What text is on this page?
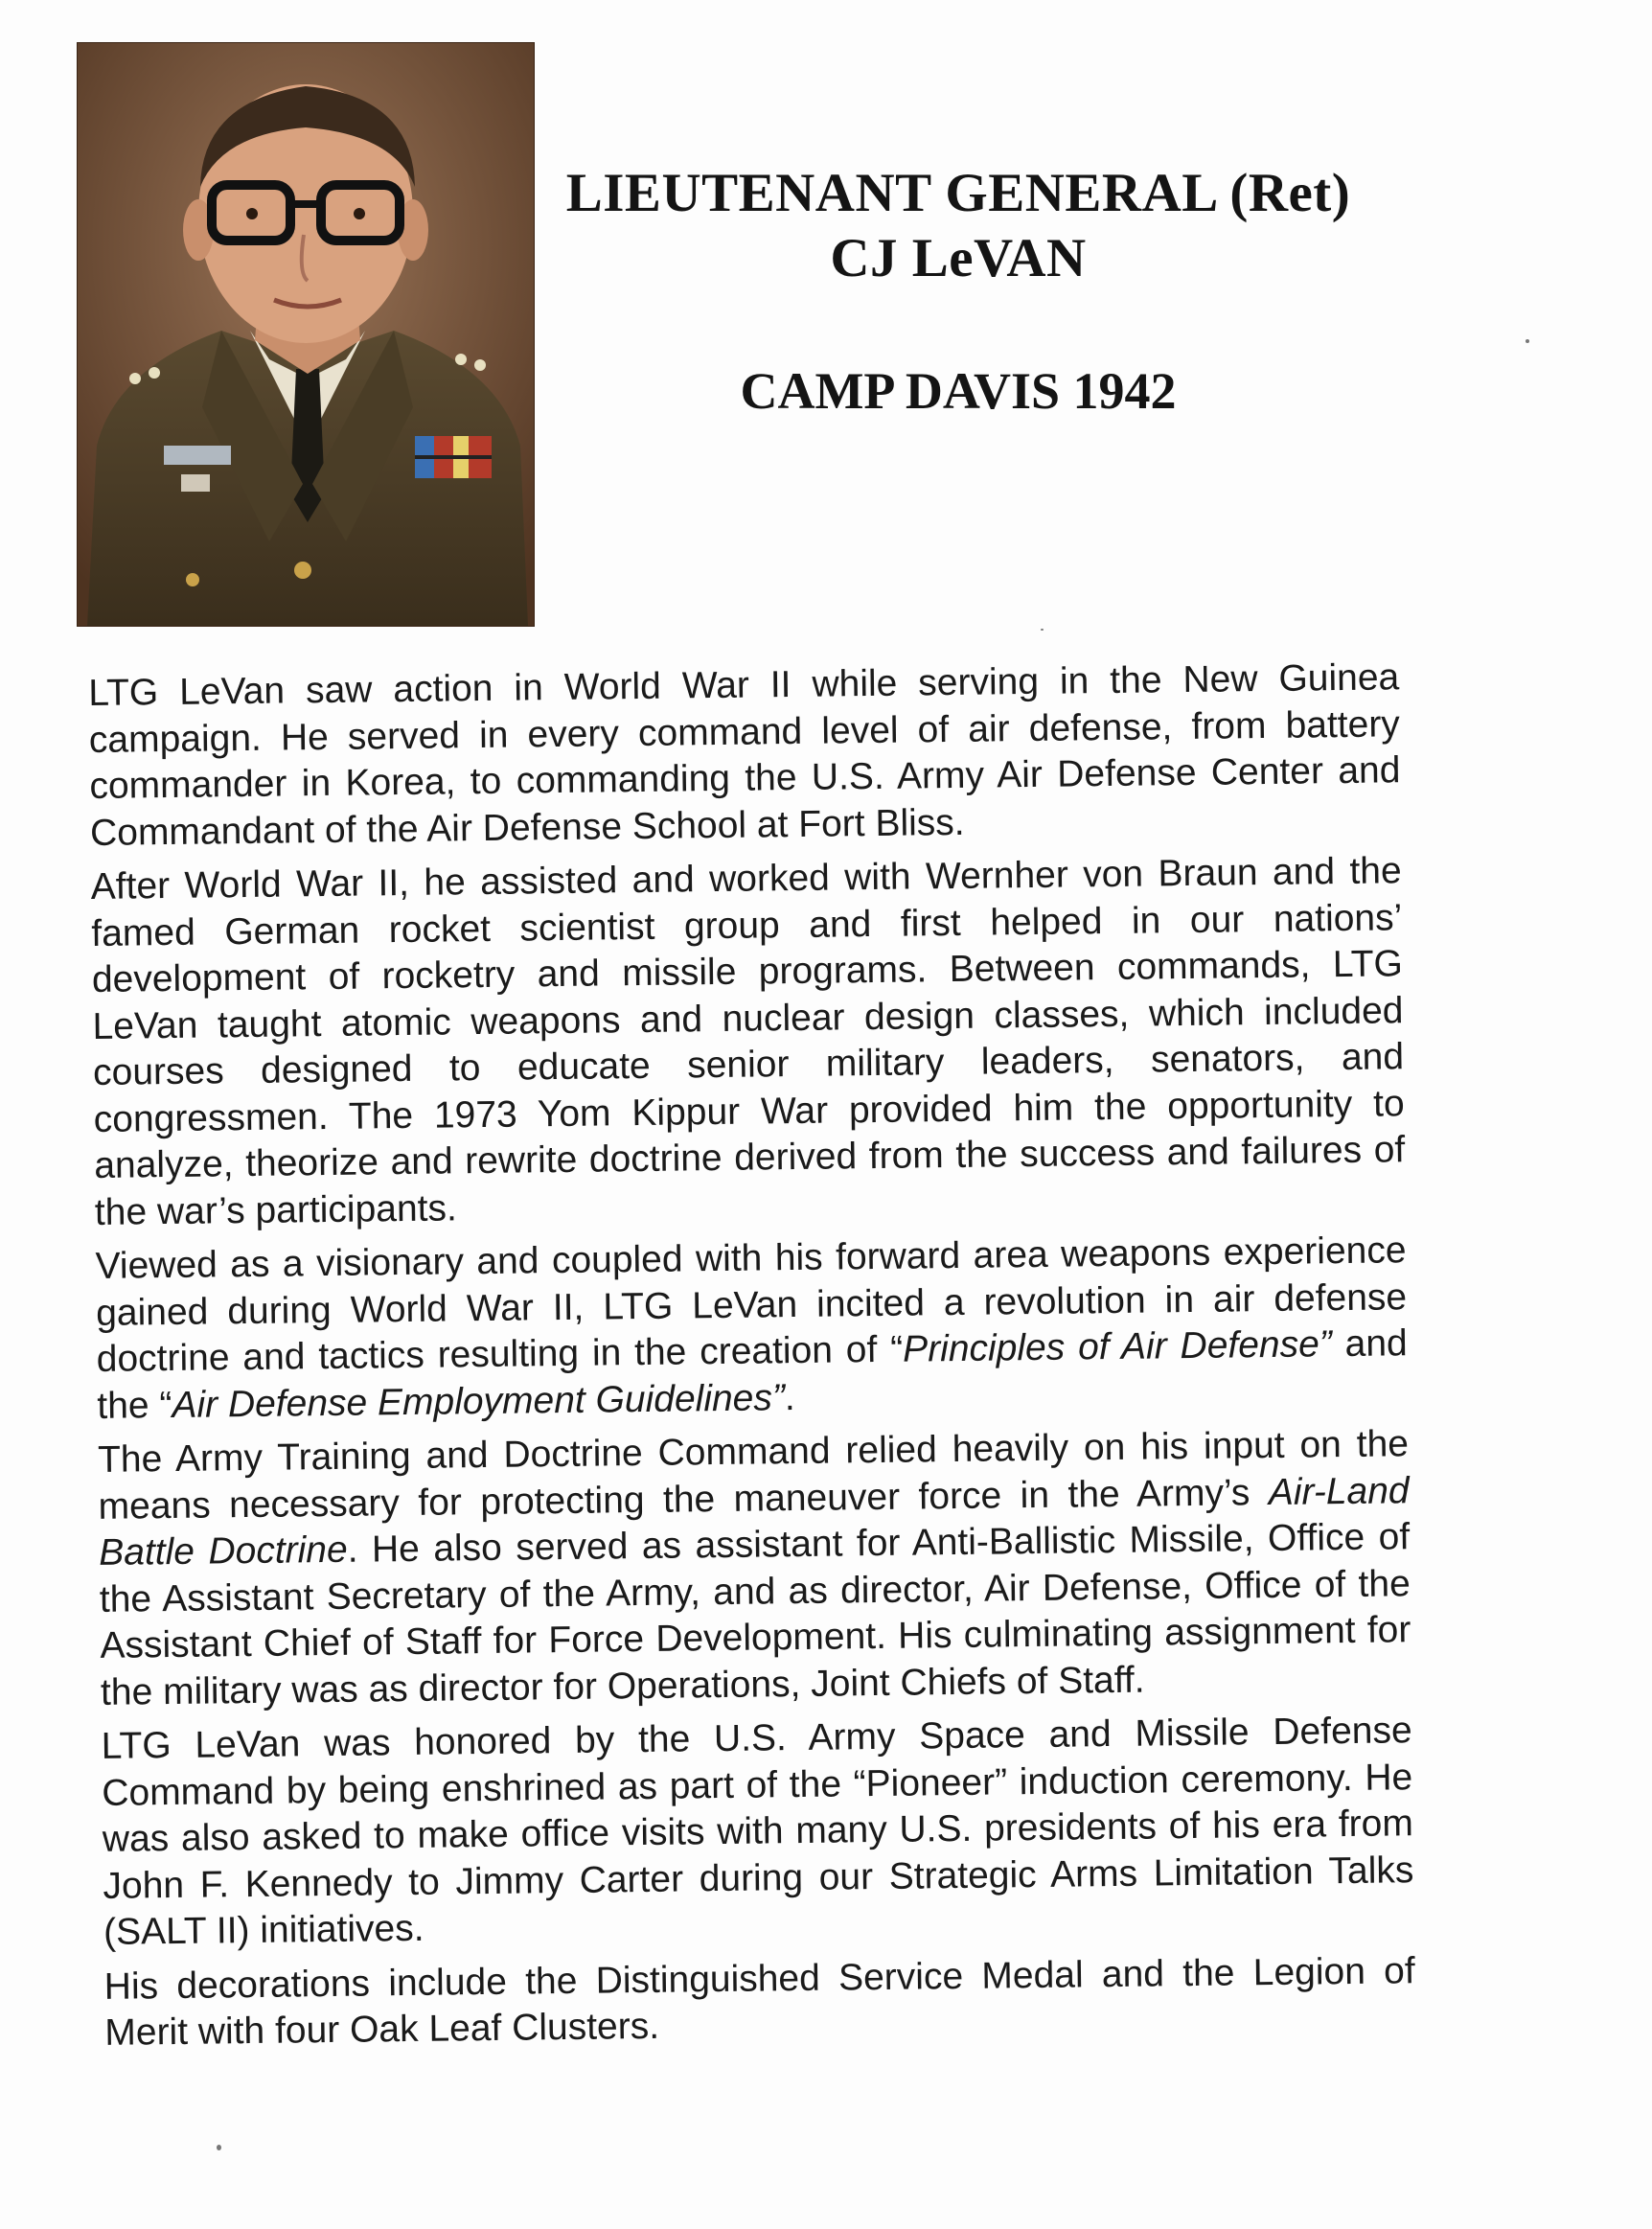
LIEUTENANT GENERAL (Ret)
CJ LeVAN
CAMP DAVIS 1942

LTG LeVan saw action in World War II while serving in the New Guinea campaign. He served in every command level of air defense, from battery commander in Korea, to commanding the U.S. Army Air Defense Center and Commandant of the Air Defense School at Fort Bliss.

After World War II, he assisted and worked with Wernher von Braun and the famed German rocket scientist group and first helped in our nations’ development of rocketry and missile programs. Between commands, LTG LeVan taught atomic weapons and nuclear design classes, which included courses designed to educate senior military leaders, senators, and congressmen. The 1973 Yom Kippur War provided him the opportunity to analyze, theorize and rewrite doctrine derived from the success and failures of the war’s participants.

Viewed as a visionary and coupled with his forward area weapons experience gained during World War II, LTG LeVan incited a revolution in air defense doctrine and tactics resulting in the creation of “Principles of Air Defense” and the “Air Defense Employment Guidelines”.

The Army Training and Doctrine Command relied heavily on his input on the means necessary for protecting the maneuver force in the Army’s Air-Land Battle Doctrine. He also served as assistant for Anti-Ballistic Missile, Office of the Assistant Secretary of the Army, and as director, Air Defense, Office of the Assistant Chief of Staff for Force Development. His culminating assignment for the military was as director for Operations, Joint Chiefs of Staff.

LTG LeVan was honored by the U.S. Army Space and Missile Defense Command by being enshrined as part of the “Pioneer” induction ceremony. He was also asked to make office visits with many U.S. presidents of his era from John F. Kennedy to Jimmy Carter during our Strategic Arms Limitation Talks (SALT II) initiatives.

His decorations include the Distinguished Service Medal and the Legion of Merit with four Oak Leaf Clusters.
